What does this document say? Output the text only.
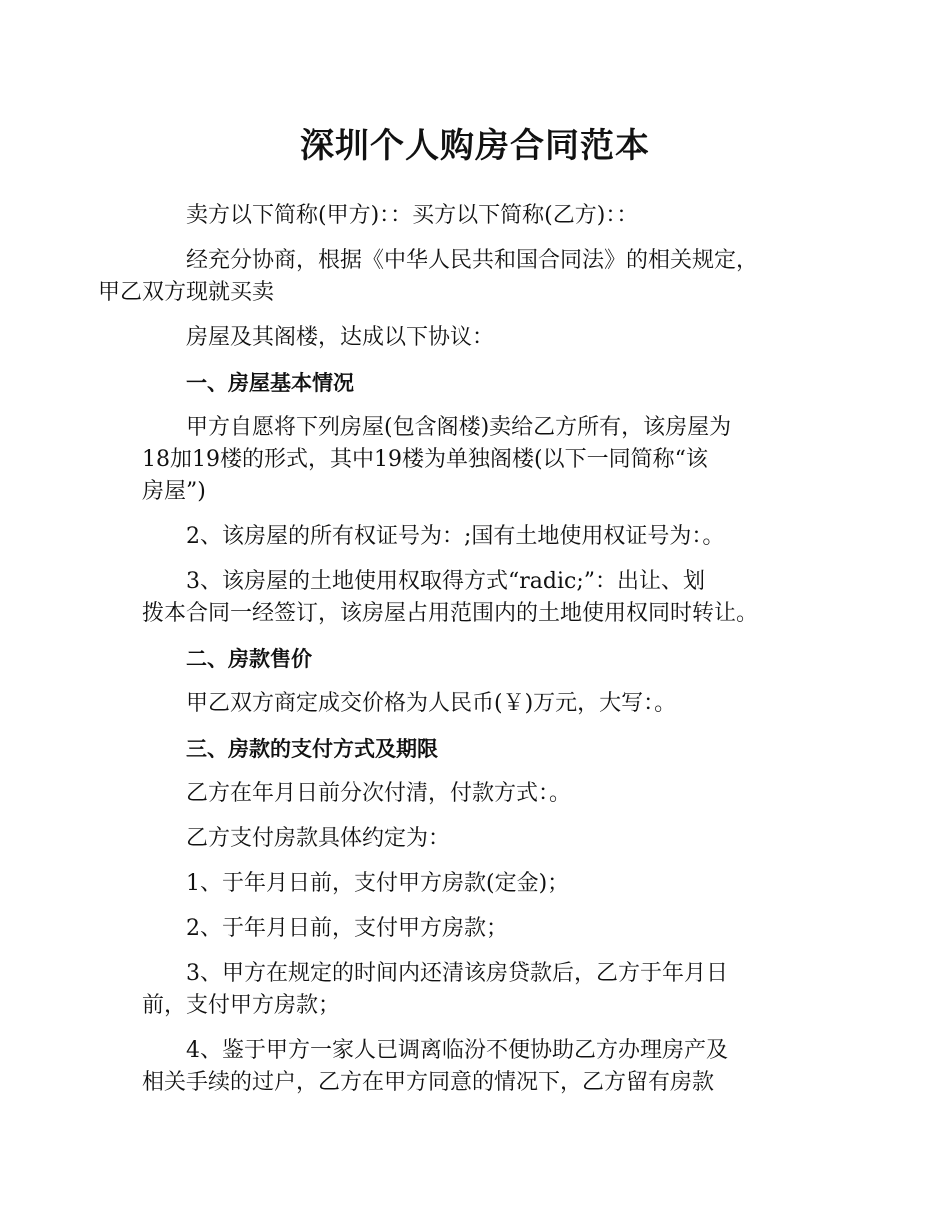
深圳个人购房合同范本
卖方以下简称(甲方)：：买方以下简称(乙方)：：
经充分协商，根据《中华人民共和国合同法》的相关规定，
甲乙双方现就买卖
房屋及其阁楼，达成以下协议：
一、房屋基本情况
甲方自愿将下列房屋(包含阁楼)卖给乙方所有，该房屋为
18加19楼的形式，其中19楼为单独阁楼(以下一同简称“该
房屋”)
2、该房屋的所有权证号为：;国有土地使用权证号为：。
3、该房屋的土地使用权取得方式“radic;”：出让、划
拨本合同一经签订，该房屋占用范围内的土地使用权同时转让。
二、房款售价
甲乙双方商定成交价格为人民币(￥)万元，大写：。
三、房款的支付方式及期限
乙方在年月日前分次付清，付款方式：。
乙方支付房款具体约定为：
1、于年月日前，支付甲方房款(定金)；
2、于年月日前，支付甲方房款；
3、甲方在规定的时间内还清该房贷款后，乙方于年月日
前，支付甲方房款；
4、鉴于甲方一家人已调离临汾不便协助乙方办理房产及
相关手续的过户，乙方在甲方同意的情况下，乙方留有房款
